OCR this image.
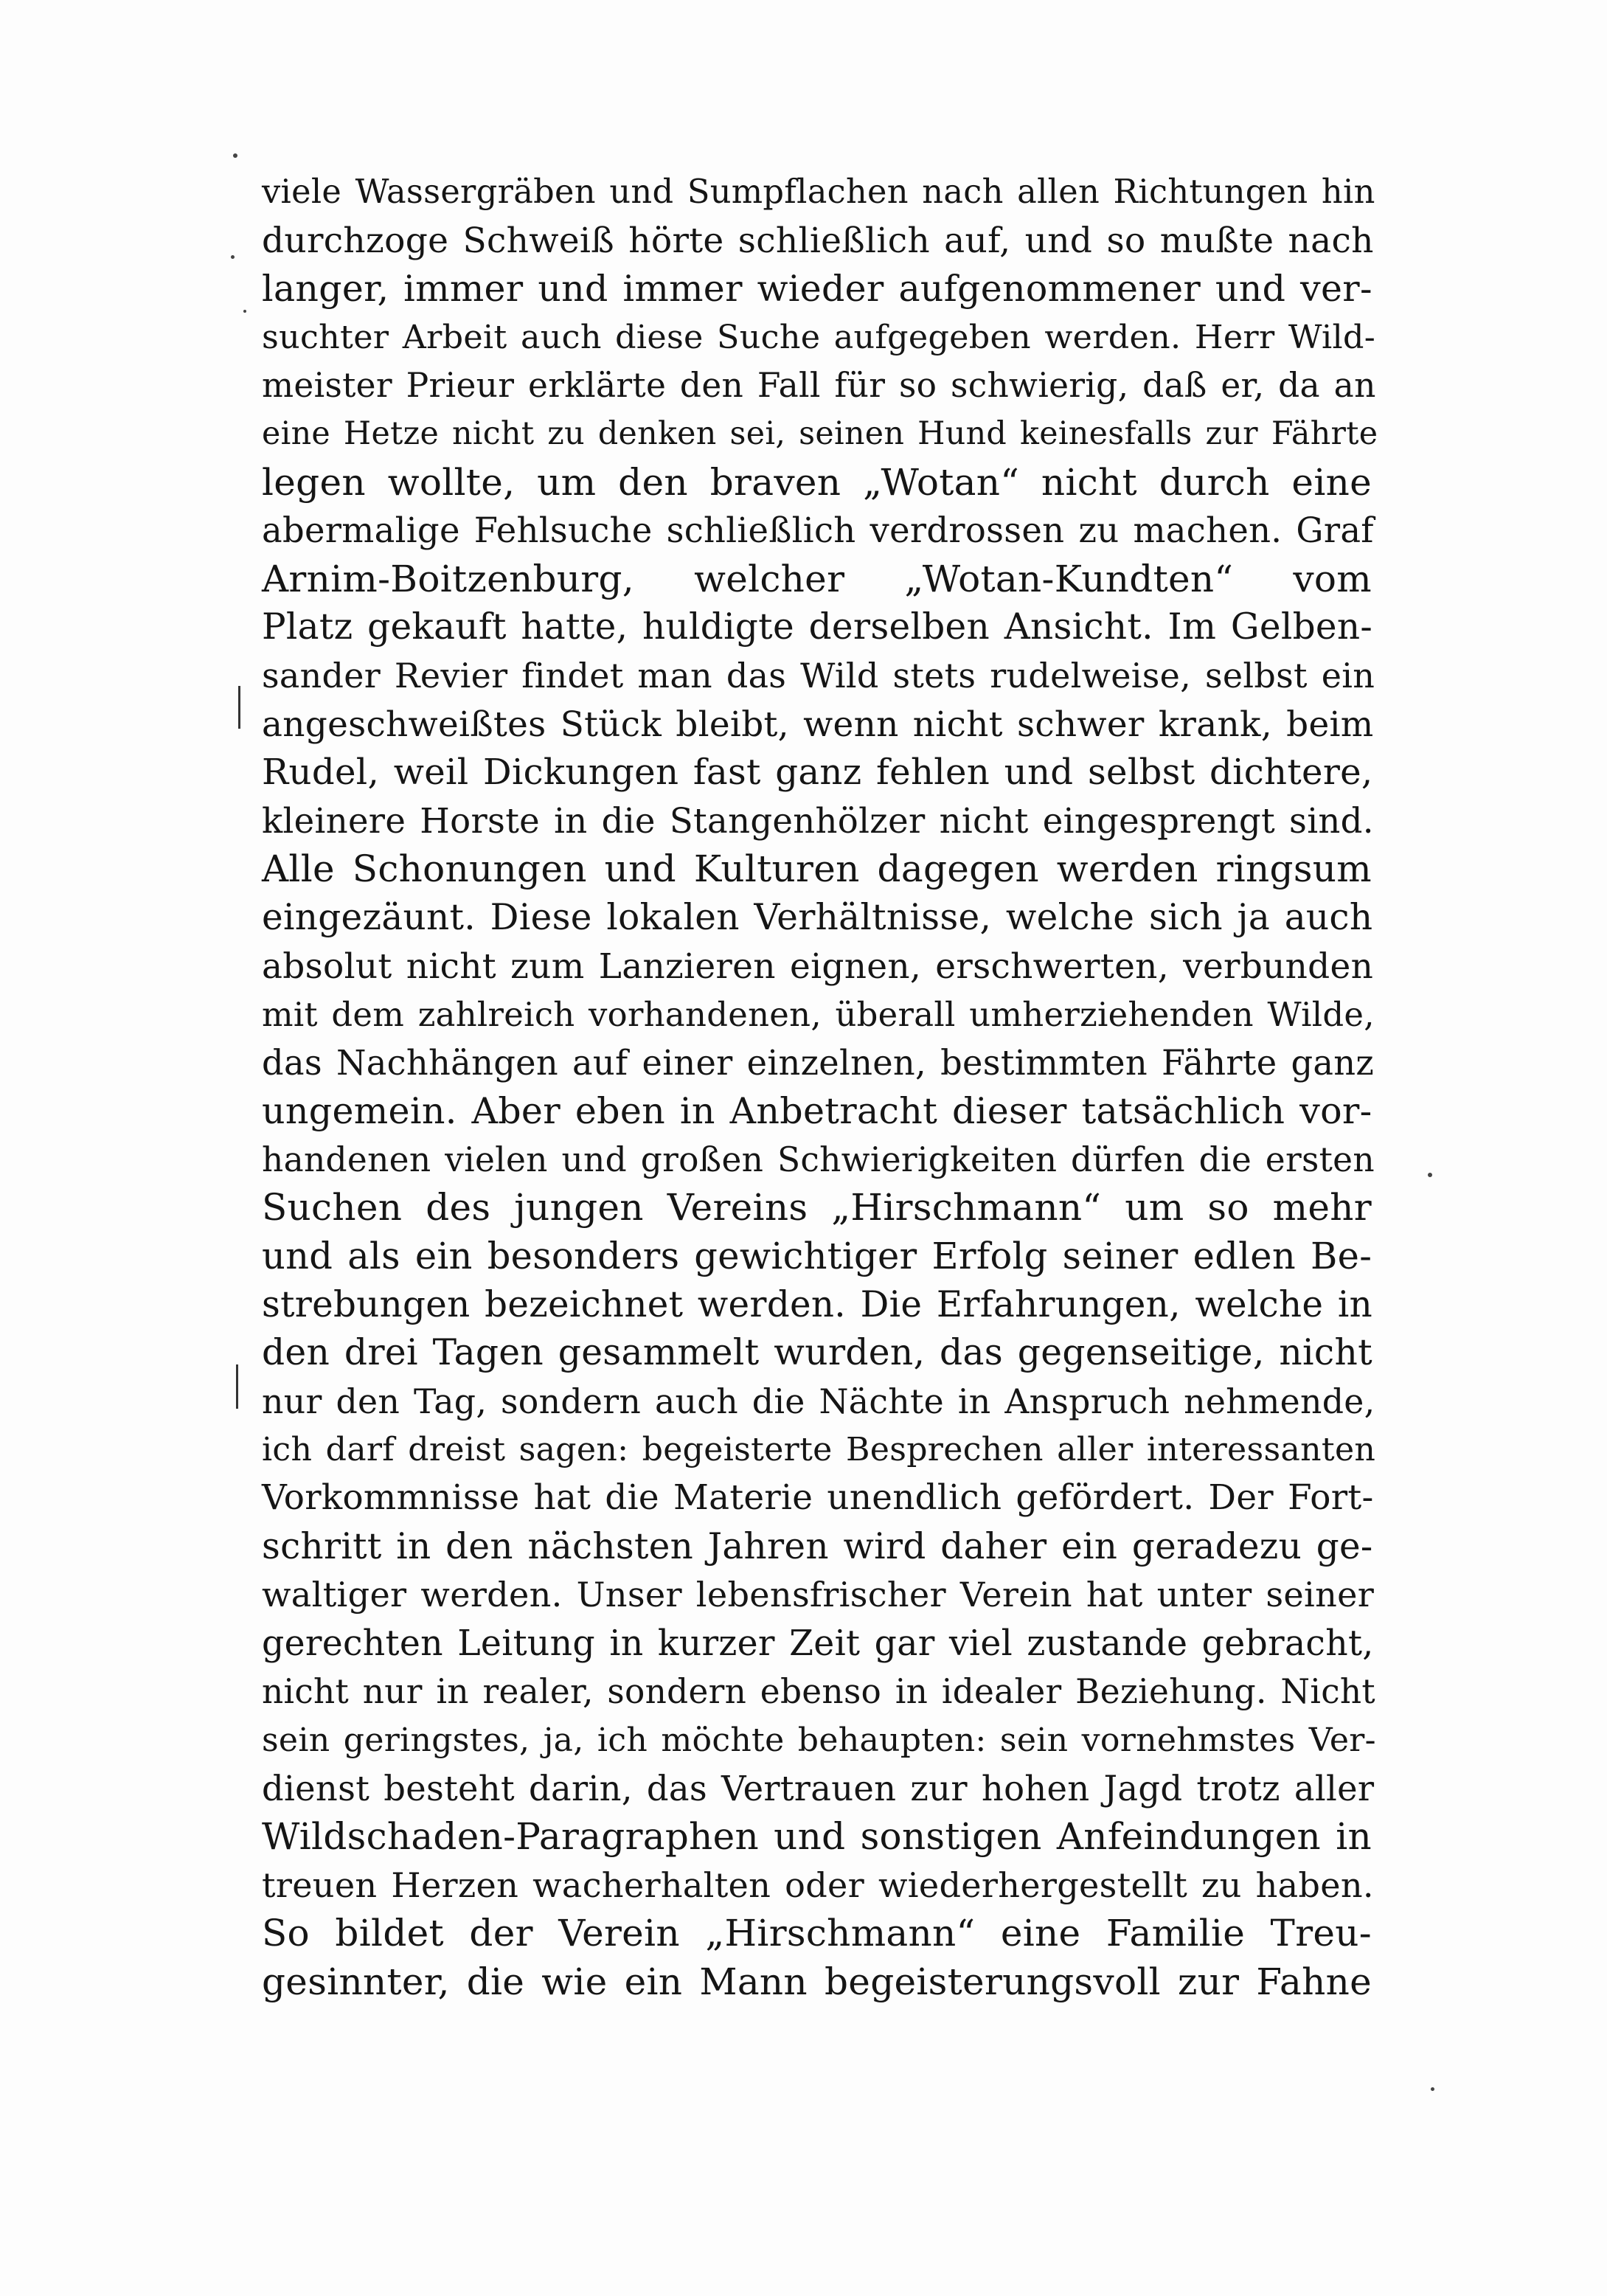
viele Wassergräben und Sumpflachen nach allen Richtungen hin
durchzoge Schweiß hörte schließlich auf, und so mußte nach
langer, immer und immer wieder aufgenommener und ver-
suchter Arbeit auch diese Suche aufgegeben werden. Herr Wild-
meister Prieur erklärte den Fall für so schwierig, daß er, da an
eine Hetze nicht zu denken sei, seinen Hund keinesfalls zur Fährte
legen wollte, um den braven „Wotan“ nicht durch eine
abermalige Fehlsuche schließlich verdrossen zu machen. Graf
Arnim-Boitzenburg, welcher „Wotan-Kundten“ vom
Platz gekauft hatte, huldigte derselben Ansicht. Im Gelben-
sander Revier findet man das Wild stets rudelweise, selbst ein
angeschweißtes Stück bleibt, wenn nicht schwer krank, beim
Rudel, weil Dickungen fast ganz fehlen und selbst dichtere,
kleinere Horste in die Stangenhölzer nicht eingesprengt sind.
Alle Schonungen und Kulturen dagegen werden ringsum
eingezäunt. Diese lokalen Verhältnisse, welche sich ja auch
absolut nicht zum Lanzieren eignen, erschwerten, verbunden
mit dem zahlreich vorhandenen, überall umherziehenden Wilde,
das Nachhängen auf einer einzelnen, bestimmten Fährte ganz
ungemein. Aber eben in Anbetracht dieser tatsächlich vor-
handenen vielen und großen Schwierigkeiten dürfen die ersten
Suchen des jungen Vereins „Hirschmann“ um so mehr
und als ein besonders gewichtiger Erfolg seiner edlen Be-
strebungen bezeichnet werden. Die Erfahrungen, welche in
den drei Tagen gesammelt wurden, das gegenseitige, nicht
nur den Tag, sondern auch die Nächte in Anspruch nehmende,
ich darf dreist sagen: begeisterte Besprechen aller interessanten
Vorkommnisse hat die Materie unendlich gefördert. Der Fort-
schritt in den nächsten Jahren wird daher ein geradezu ge-
waltiger werden. Unser lebensfrischer Verein hat unter seiner
gerechten Leitung in kurzer Zeit gar viel zustande gebracht,
nicht nur in realer, sondern ebenso in idealer Beziehung. Nicht
sein geringstes, ja, ich möchte behaupten: sein vornehmstes Ver-
dienst besteht darin, das Vertrauen zur hohen Jagd trotz aller
Wildschaden-Paragraphen und sonstigen Anfeindungen in
treuen Herzen wacherhalten oder wiederhergestellt zu haben.
So bildet der Verein „Hirschmann“ eine Familie Treu-
gesinnter, die wie ein Mann begeisterungsvoll zur Fahne
